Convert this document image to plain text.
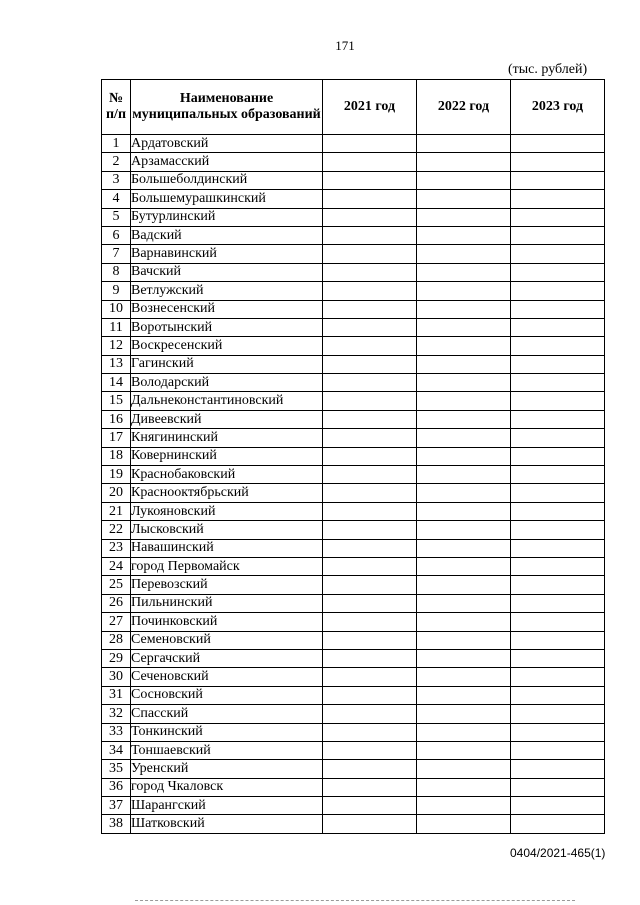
171
(тыс. рублей)
№ п/п	Наименование муниципальных образований	2021 год	2022 год	2023 год
1	Ардатовский			
2	Арзамасский			
3	Большеболдинский			
4	Большемурашкинский			
5	Бутурлинский			
6	Вадский			
7	Варнавинский			
8	Вачский			
9	Ветлужский			
10	Вознесенский			
11	Воротынский			
12	Воскресенский			
13	Гагинский			
14	Володарский			
15	Дальнеконстантиновский			
16	Дивеевский			
17	Княгининский			
18	Ковернинский			
19	Краснобаковский			
20	Краснооктябрьский			
21	Лукояновский			
22	Лысковский			
23	Навашинский			
24	город Первомайск			
25	Перевозский			
26	Пильнинский			
27	Починковский			
28	Семеновский			
29	Сергачский			
30	Сеченовский			
31	Сосновский			
32	Спасский			
33	Тонкинский			
34	Тоншаевский			
35	Уренский			
36	город Чкаловск			
37	Шарангский			
38	Шатковский			
0404/2021-465(1)
